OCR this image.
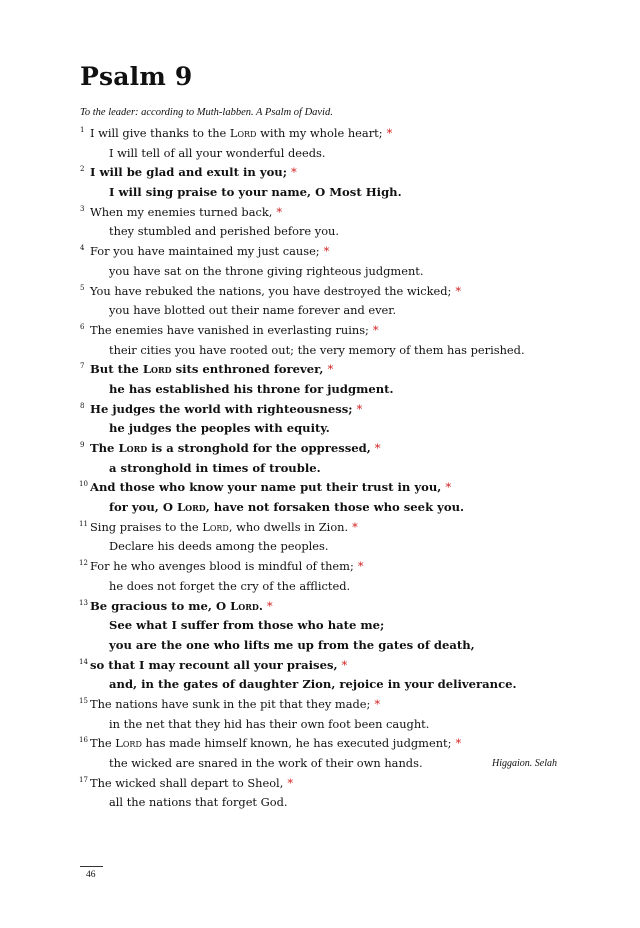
Psalm 9

To the leader: according to Muth-labben. A Psalm of David.

1 I will give thanks to the Lord with my whole heart; *
I will tell of all your wonderful deeds.
2 I will be glad and exult in you; *
I will sing praise to your name, O Most High.
3 When my enemies turned back, *
they stumbled and perished before you.
4 For you have maintained my just cause; *
you have sat on the throne giving righteous judgment.
5 You have rebuked the nations, you have destroyed the wicked; *
you have blotted out their name forever and ever.
6 The enemies have vanished in everlasting ruins; *
their cities you have rooted out; the very memory of them has perished.
7 But the Lord sits enthroned forever, *
he has established his throne for judgment.
8 He judges the world with righteousness; *
he judges the peoples with equity.
9 The Lord is a stronghold for the oppressed, *
a stronghold in times of trouble.
10 And those who know your name put their trust in you, *
for you, O Lord, have not forsaken those who seek you.
11 Sing praises to the Lord, who dwells in Zion. *
Declare his deeds among the peoples.
12 For he who avenges blood is mindful of them; *
he does not forget the cry of the afflicted.
13 Be gracious to me, O Lord. *
See what I suffer from those who hate me;
you are the one who lifts me up from the gates of death,
14 so that I may recount all your praises, *
and, in the gates of daughter Zion, rejoice in your deliverance.
15 The nations have sunk in the pit that they made; *
in the net that they hid has their own foot been caught.
16 The Lord has made himself known, he has executed judgment; *
the wicked are snared in the work of their own hands.	Higgaion. Selah
17 The wicked shall depart to Sheol, *
all the nations that forget God.
46
